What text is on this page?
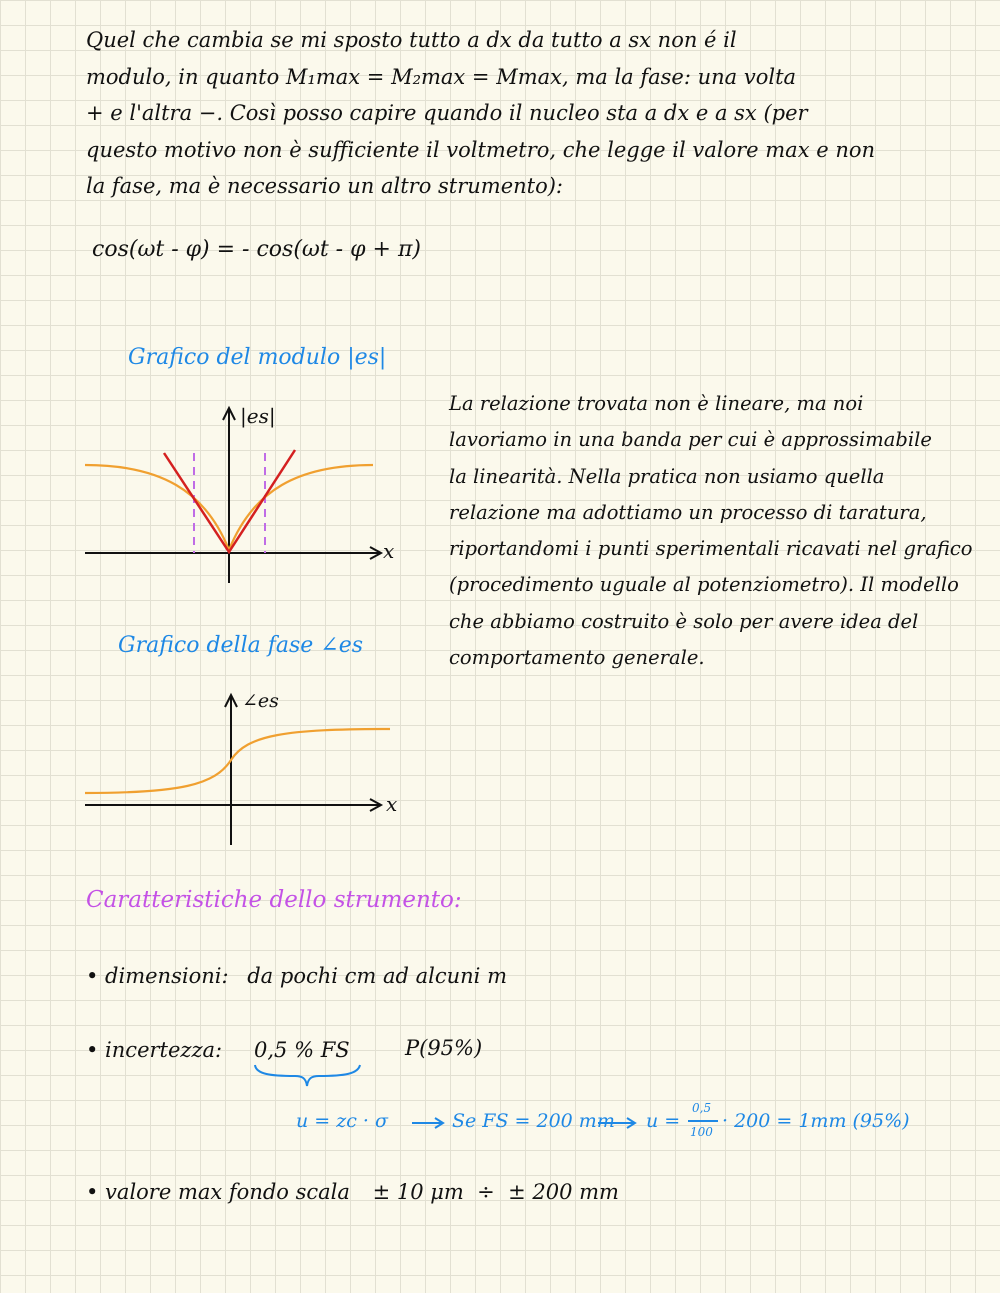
Quel che cambia se mi sposto tutto a dx da tutto a sx non é il
modulo, in quanto M₁max = M₂max = Mmax, ma la fase: una volta
+ e l'altra −. Così posso capire quando il nucleo sta a dx e a sx (per
questo motivo non è sufficiente il voltmetro, che legge il valore max e non
la fase, ma è necessario un altro strumento):
cos(ωt - φ) = - cos(ωt - φ + π)
Grafico del modulo |es|
|es|
x
Grafico della fase ∠es
∠es
x
La relazione trovata non è lineare, ma noi
lavoriamo in una banda per cui è approssimabile
la linearità. Nella pratica non usiamo quella
relazione ma adottiamo un processo di taratura,
riportandomi i punti sperimentali ricavati nel grafico
(procedimento uguale al potenziometro). Il modello
che abbiamo costruito è solo per avere idea del
comportamento generale.
Caratteristiche dello strumento:
• dimensioni: da pochi cm ad alcuni m
• incertezza: 0,5 % FS	P(95%)
u = zc · σ	Se FS = 200 mm u =
0,5
100 · 200 = 1mm (95%)
• valore max fondo scala ± 10 μm  ÷  ± 200 mm
